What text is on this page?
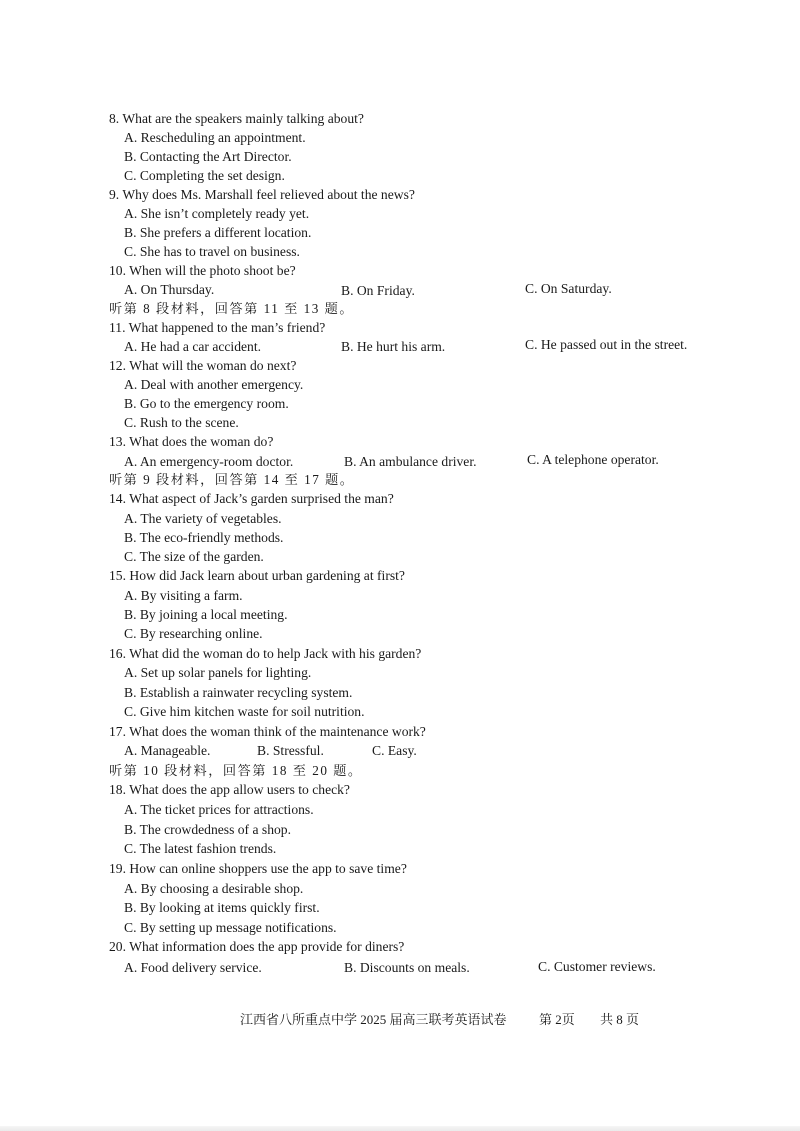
8. What are the speakers mainly talking about?
A. Rescheduling an appointment.
B. Contacting the Art Director.
C. Completing the set design.
9. Why does Ms. Marshall feel relieved about the news?
A. She isn’t completely ready yet.
B. She prefers a different location.
C. She has to travel on business.
10. When will the photo shoot be?
A. On Thursday.	B. On Friday.	C. On Saturday.
听第 8 段材料，回答第 11 至 13 题。
11. What happened to the man’s friend?
A. He had a car accident.	B. He hurt his arm.	C. He passed out in the street.
12. What will the woman do next?
A. Deal with another emergency.
B. Go to the emergency room.
C. Rush to the scene.
13. What does the woman do?
A. An emergency-room doctor.	B. An ambulance driver.	C. A telephone operator.
听第 9 段材料，回答第 14 至 17 题。
14. What aspect of Jack’s garden surprised the man?
A. The variety of vegetables.
B. The eco-friendly methods.
C. The size of the garden.
15. How did Jack learn about urban gardening at first?
A. By visiting a farm.
B. By joining a local meeting.
C. By researching online.
16. What did the woman do to help Jack with his garden?
A. Set up solar panels for lighting.
B. Establish a rainwater recycling system.
C. Give him kitchen waste for soil nutrition.
17. What does the woman think of the maintenance work?
A. Manageable.	B. Stressful.	C. Easy.
听第 10 段材料，回答第 18 至 20 题。
18. What does the app allow users to check?
A. The ticket prices for attractions.
B. The crowdedness of a shop.
C. The latest fashion trends.
19. How can online shoppers use the app to save time?
A. By choosing a desirable shop.
B. By looking at items quickly first.
C. By setting up message notifications.
20. What information does the app provide for diners?
A. Food delivery service.	B. Discounts on meals.	C. Customer reviews.
江西省八所重点中学 2025 届高三联考英语试卷 第 2页 共 8 页
